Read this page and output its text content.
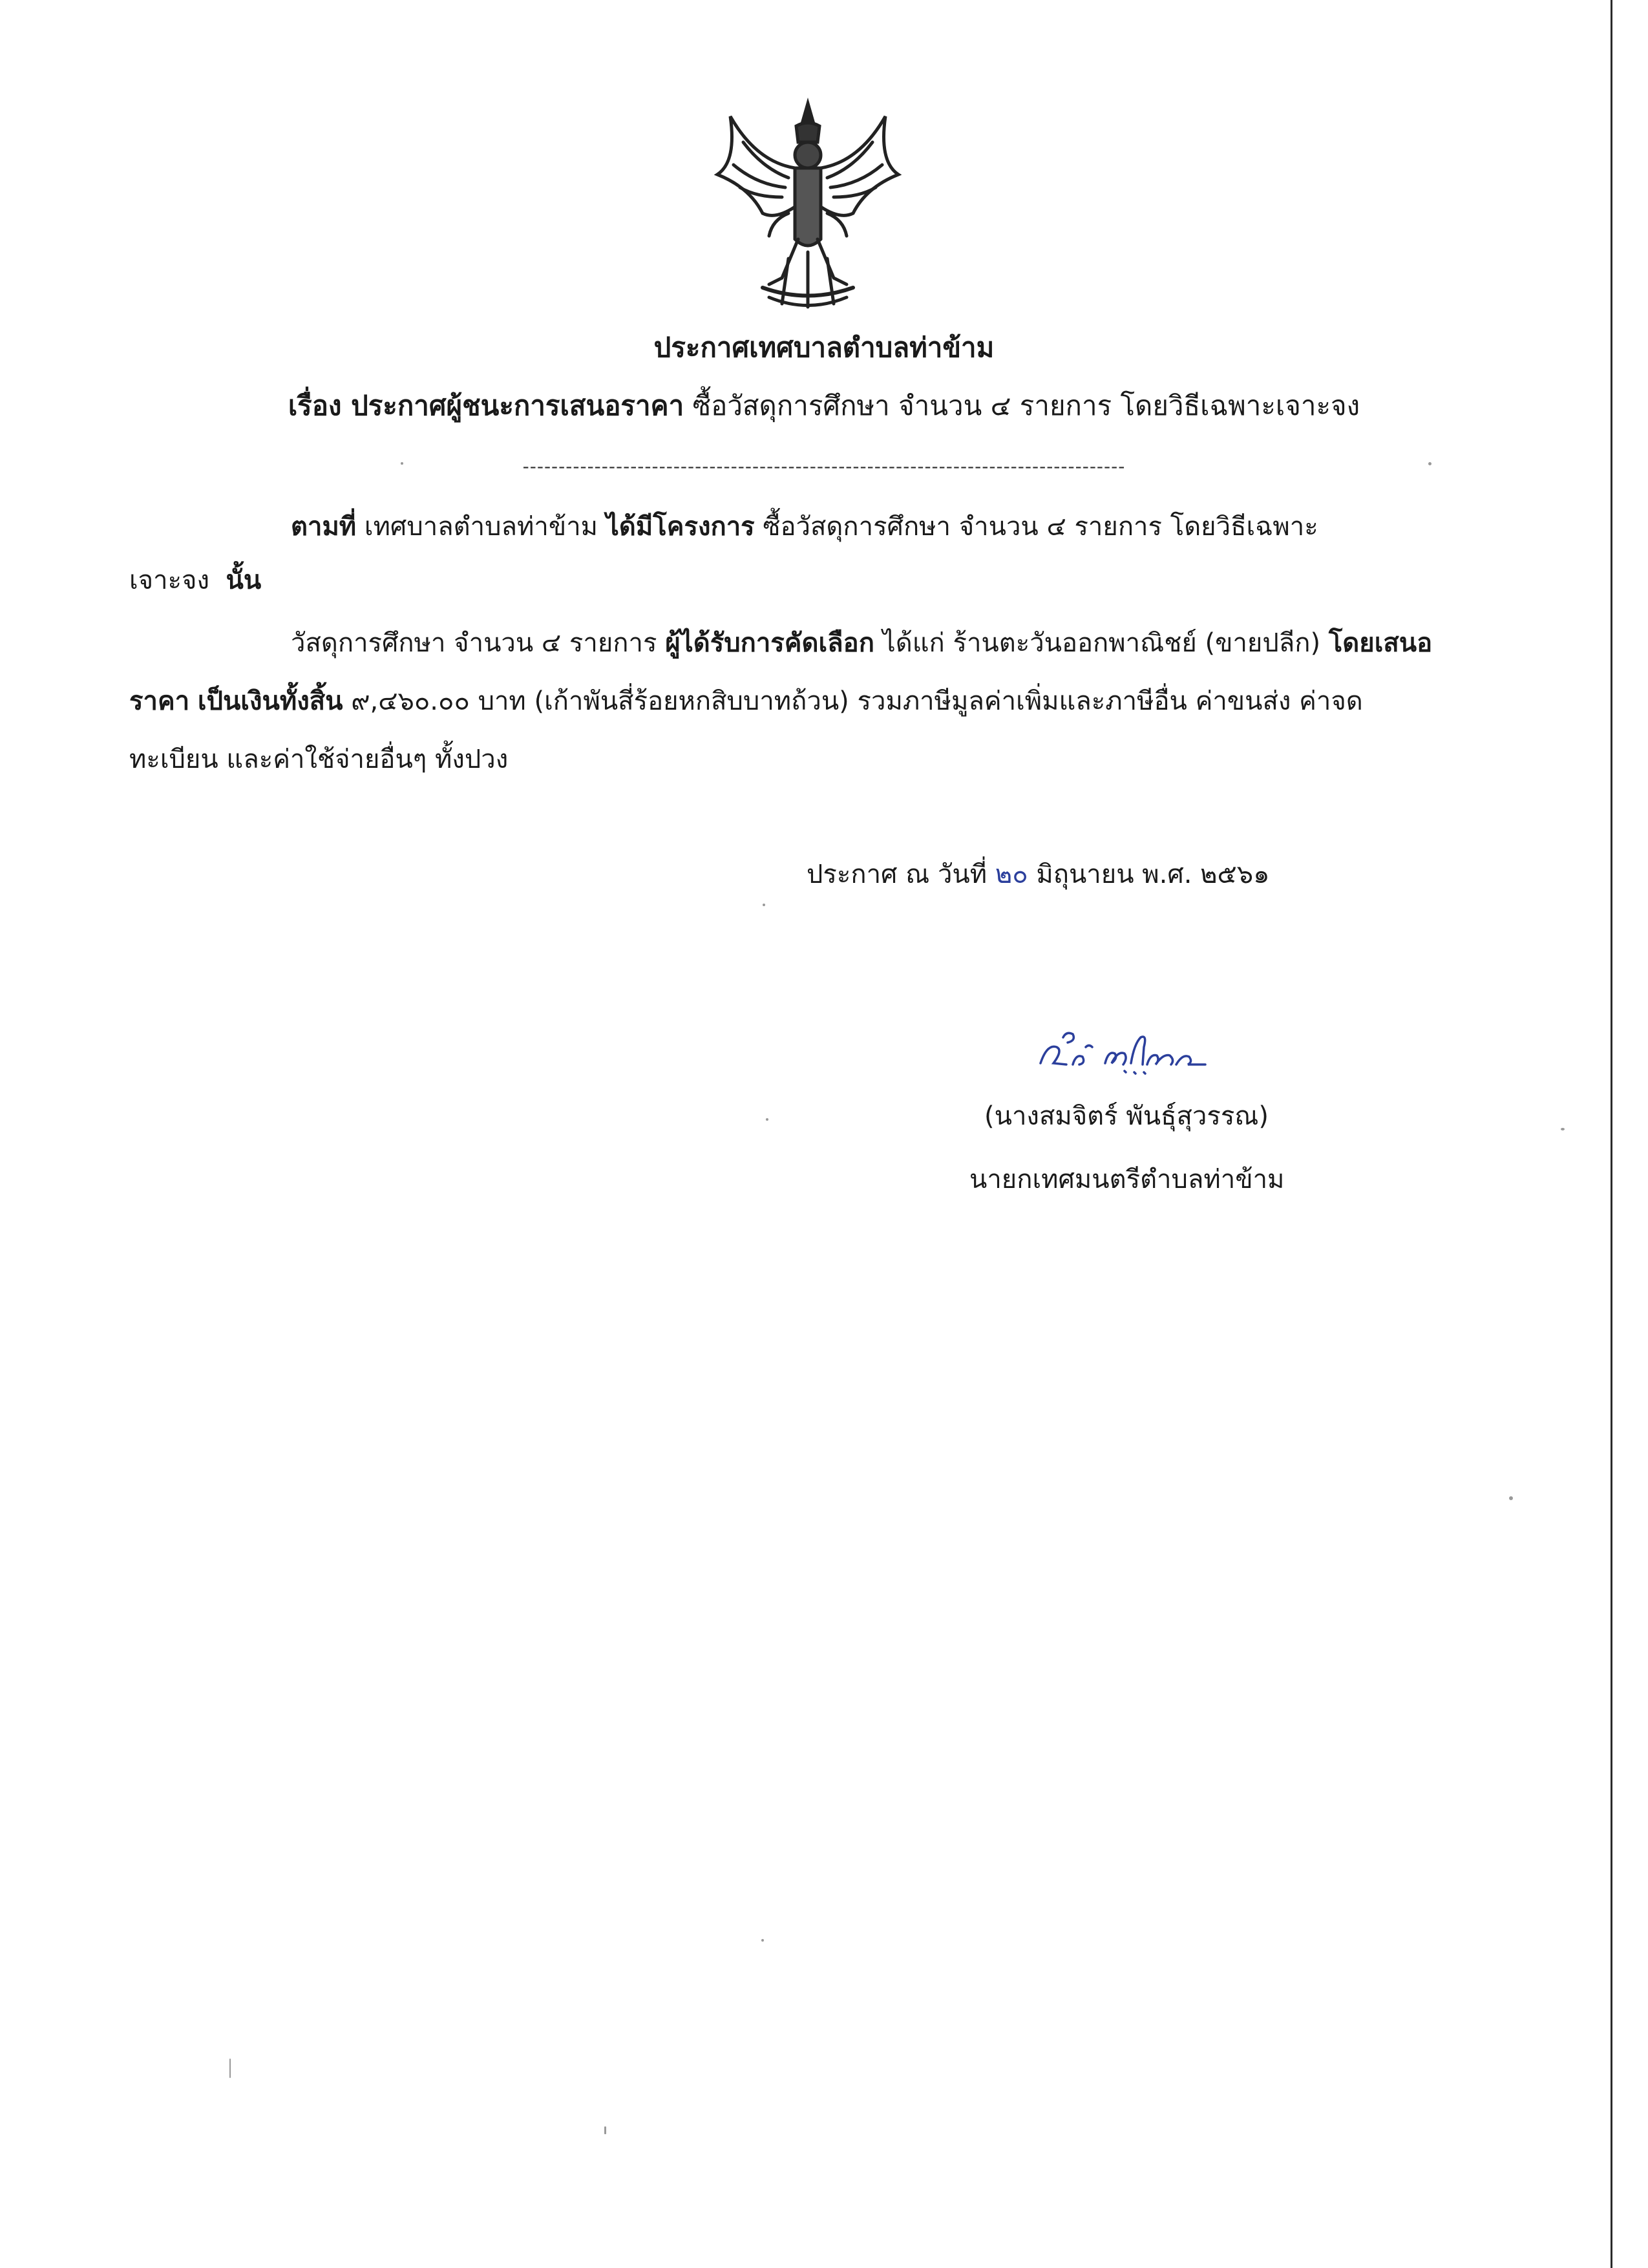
ประกาศเทศบาลตำบลท่าข้าม
เรื่อง ประกาศผู้ชนะการเสนอราคา ซื้อวัสดุการศึกษา จำนวน ๔ รายการ โดยวิธีเฉพาะเจาะจง
------------------------------------------------------------------------------------
ตามที่ เทศบาลตำบลท่าข้าม ได้มีโครงการ ซื้อวัสดุการศึกษา จำนวน ๔ รายการ โดยวิธีเฉพาะ
เจาะจง นั้น
วัสดุการศึกษา จำนวน ๔ รายการ ผู้ได้รับการคัดเลือก ได้แก่ ร้านตะวันออกพาณิชย์ (ขายปลีก) โดยเสนอ
ราคา เป็นเงินทั้งสิ้น ๙,๔๖๐.๐๐ บาท (เก้าพันสี่ร้อยหกสิบบาทถ้วน) รวมภาษีมูลค่าเพิ่มและภาษีอื่น ค่าขนส่ง ค่าจด
ทะเบียน และค่าใช้จ่ายอื่นๆ ทั้งปวง
ประกาศ ณ วันที่ ๒๐ มิถุนายน พ.ศ. ๒๕๖๑
(นางสมจิตร์ พันธุ์สุวรรณ)
นายกเทศมนตรีตำบลท่าข้าม
